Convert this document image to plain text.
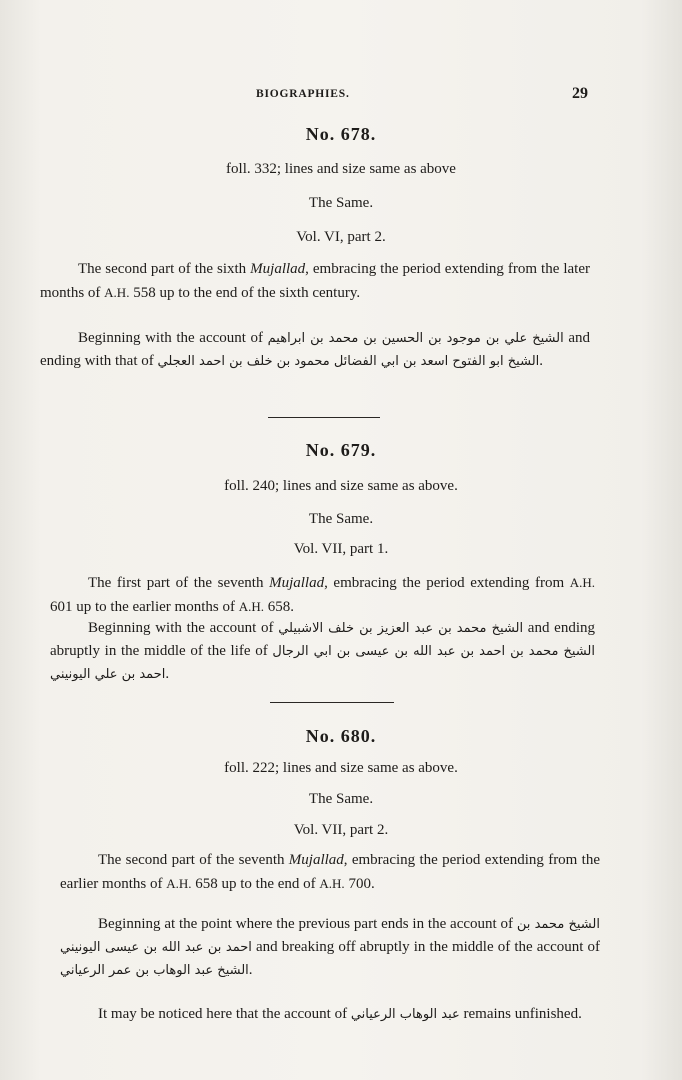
BIOGRAPHIES.	29
No. 678.

foll. 332; lines and size same as above

The Same.

Vol. VI, part 2.

The second part of the sixth Mujallad, embracing the period extending from the later months of A.H. 558 up to the end of the sixth century.

Beginning with the account of الشيخ علي بن موجود بن الحسين بن محمد بن ابراهيم and ending with that of الشيخ ابو الفتوح اسعد بن ابي الفضائل محمود بن خلف بن احمد العجلي.

No. 679.

foll. 240; lines and size same as above.

The Same.

Vol. VII, part 1.

The first part of the seventh Mujallad, embracing the period extending from A.H. 601 up to the earlier months of A.H. 658.

Beginning with the account of الشيخ محمد بن عبد العزيز بن خلف الاشبيلي and ending abruptly in the middle of the life of الشيخ محمد بن احمد بن عبد الله بن عيسى بن ابي الرجال احمد بن علي اليونيني.

No. 680.

foll. 222; lines and size same as above.

The Same.

Vol. VII, part 2.

The second part of the seventh Mujallad, embracing the period extending from the earlier months of A.H. 658 up to the end of A.H. 700.

Beginning at the point where the previous part ends in the account of الشيخ محمد بن احمد بن عبد الله بن عيسى اليونيني and breaking off abruptly in the middle of the account of الشيخ عبد الوهاب بن عمر الرعياني.

It may be noticed here that the account of عبد الوهاب الرعياني remains unfinished.
